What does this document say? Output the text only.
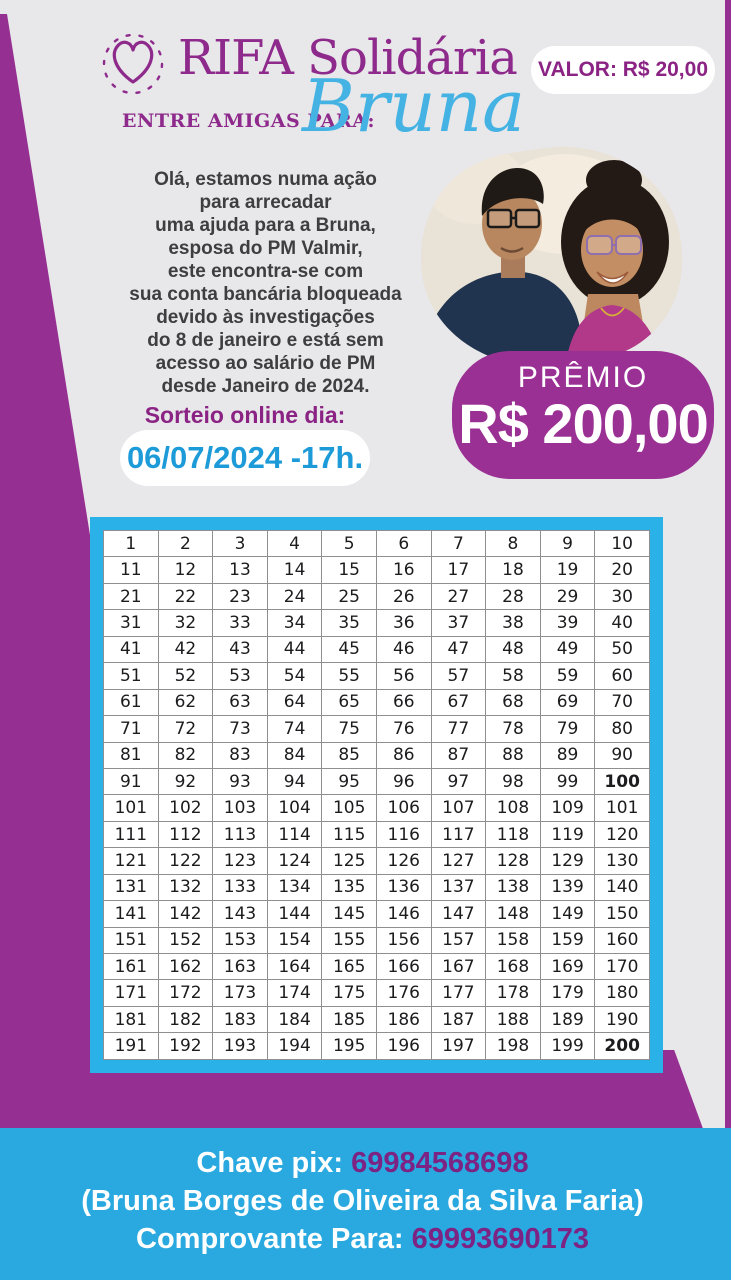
RIFA Solidária	VALOR: R$ 20,00
ENTRE AMIGAS PARA:
Bruna
Olá, estamos numa ação
para arrecadar
uma ajuda para a Bruna,
esposa do PM Valmir,
este encontra-se com
sua conta bancária bloqueada
devido às investigações
do 8 de janeiro e está sem
acesso ao salário de PM
desde Janeiro de 2024.	PRÊMIO
R$ 200,00
Sorteio online dia:
06/07/2024 -17h.
1	2	3	4	5	6	7	8	9	10
11	12	13	14	15	16	17	18	19	20
21	22	23	24	25	26	27	28	29	30
31	32	33	34	35	36	37	38	39	40
41	42	43	44	45	46	47	48	49	50
51	52	53	54	55	56	57	58	59	60
61	62	63	64	65	66	67	68	69	70
71	72	73	74	75	76	77	78	79	80
81	82	83	84	85	86	87	88	89	90
91	92	93	94	95	96	97	98	99	100
101	102	103	104	105	106	107	108	109	101
111	112	113	114	115	116	117	118	119	120
121	122	123	124	125	126	127	128	129	130
131	132	133	134	135	136	137	138	139	140
141	142	143	144	145	146	147	148	149	150
151	152	153	154	155	156	157	158	159	160
161	162	163	164	165	166	167	168	169	170
171	172	173	174	175	176	177	178	179	180
181	182	183	184	185	186	187	188	189	190
191	192	193	194	195	196	197	198	199	200
Chave pix: 69984568698
(Bruna Borges de Oliveira da Silva Faria)
Comprovante Para: 69993690173
